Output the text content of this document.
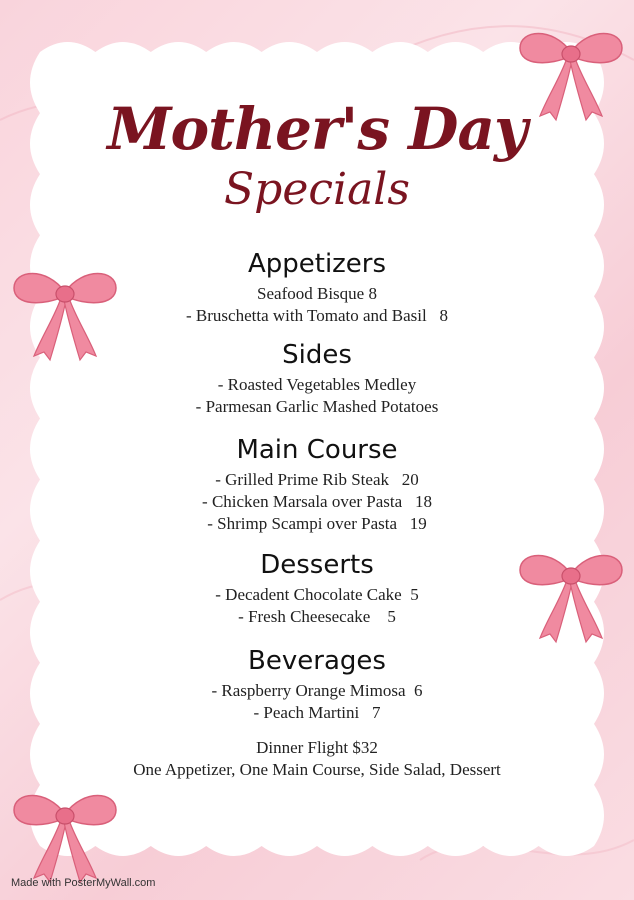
Mother's Day
Specials
Appetizers
Seafood Bisque 8
- Bruschetta with Tomato and Basil   8
Sides
- Roasted Vegetables Medley
- Parmesan Garlic Mashed Potatoes
Main Course
- Grilled Prime Rib Steak   20
- Chicken Marsala over Pasta   18
- Shrimp Scampi over Pasta   19
Desserts
- Decadent Chocolate Cake  5
- Fresh Cheesecake    5
Beverages
- Raspberry Orange Mimosa  6
- Peach Martini   7
Dinner Flight $32
One Appetizer, One Main Course, Side Salad, Dessert
Made with PosterMyWall.com
